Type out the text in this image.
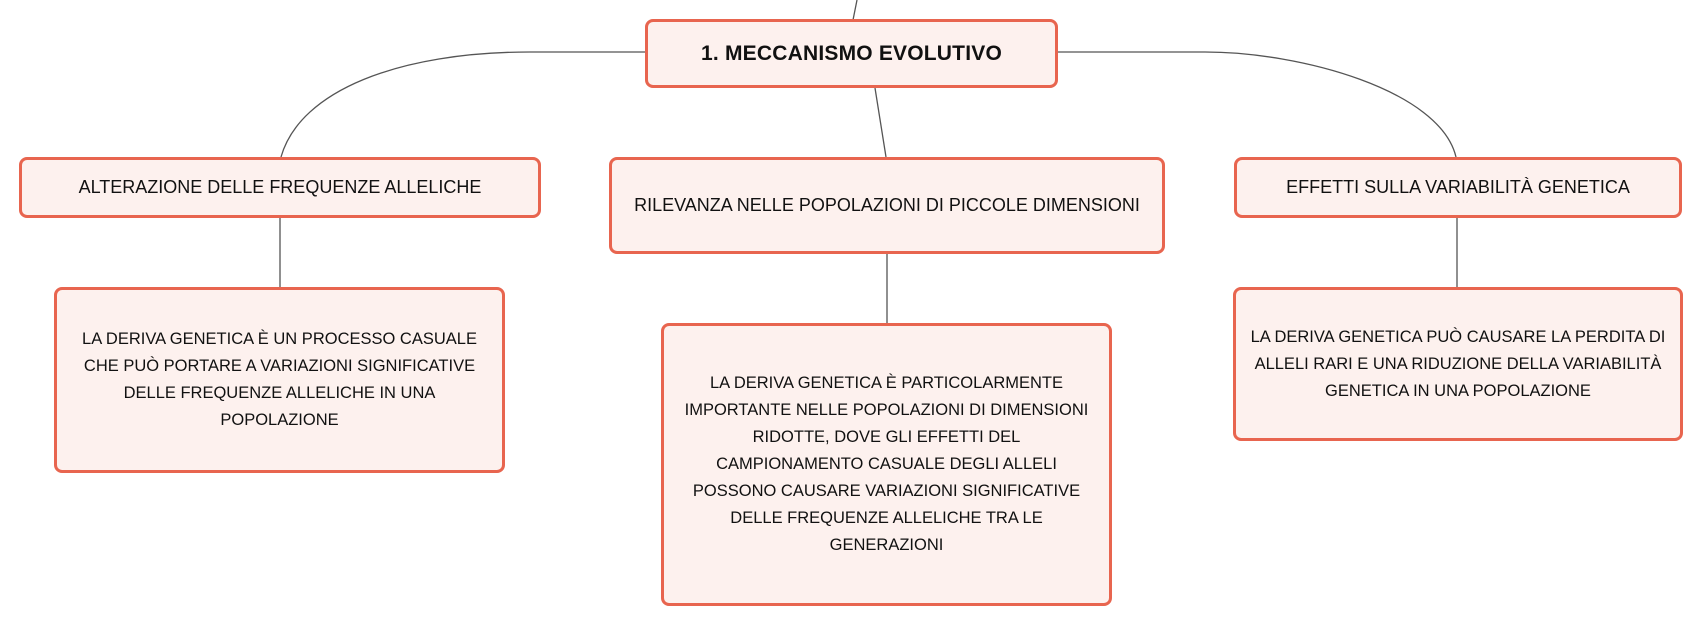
1. MECCANISMO EVOLUTIVO
ALTERAZIONE DELLE FREQUENZE ALLELICHE
RILEVANZA NELLE POPOLAZIONI DI PICCOLE DIMENSIONI
EFFETTI SULLA VARIABILITÀ GENETICA
LA DERIVA GENETICA È UN PROCESSO CASUALE CHE PUÒ PORTARE A VARIAZIONI SIGNIFICATIVE DELLE FREQUENZE ALLELICHE IN UNA POPOLAZIONE
LA DERIVA GENETICA È PARTICOLARMENTE IMPORTANTE NELLE POPOLAZIONI DI DIMENSIONI RIDOTTE, DOVE GLI EFFETTI DEL CAMPIONAMENTO CASUALE DEGLI ALLELI POSSONO CAUSARE VARIAZIONI SIGNIFICATIVE DELLE FREQUENZE ALLELICHE TRA LE GENERAZIONI
LA DERIVA GENETICA PUÒ CAUSARE LA PERDITA DI ALLELI RARI E UNA RIDUZIONE DELLA VARIABILITÀ GENETICA IN UNA POPOLAZIONE
